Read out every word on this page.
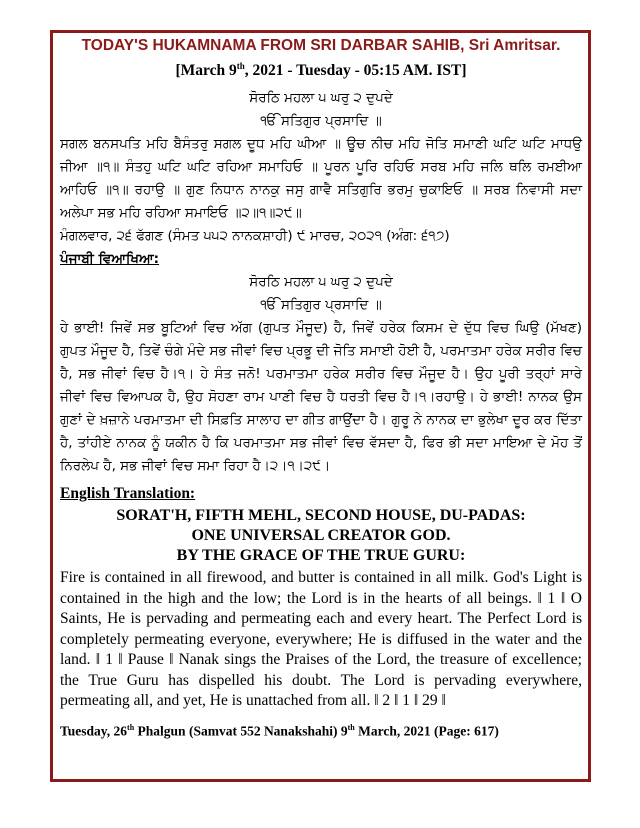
TODAY'S HUKAMNAMA FROM SRI DARBAR SAHIB, Sri Amritsar.

[March 9th, 2021 - Tuesday - 05:15 AM. IST]

ਸੋਰਠਿ ਮਹਲਾ ੫ ਘਰੁ ੨ ਦੁਪਦੇ

ੴ ਸਤਿਗੁਰ ਪ੍ਰਸਾਦਿ ॥

ਸਗਲ ਬਨਸਪਤਿ ਮਹਿ ਬੈਸੰਤਰੁ ਸਗਲ ਦੂਧ ਮਹਿ ਘੀਆ ॥ ਊਚ ਨੀਚ ਮਹਿ ਜੋਤਿ ਸਮਾਣੀ ਘਟਿ ਘਟਿ ਮਾਧਉ ਜੀਆ ॥੧॥ ਸੰਤਹੁ ਘਟਿ ਘਟਿ ਰਹਿਆ ਸਮਾਹਿਓ ॥ ਪੂਰਨ ਪੂਰਿ ਰਹਿਓ ਸਰਬ ਮਹਿ ਜਲਿ ਥਲਿ ਰਮਈਆ ਆਹਿਓ ॥੧॥ ਰਹਾਉ ॥ ਗੁਣ ਨਿਧਾਨ ਨਾਨਕੁ ਜਸੁ ਗਾਵੈ ਸਤਿਗੁਰਿ ਭਰਮੁ ਚੁਕਾਇਓ ॥ ਸਰਬ ਨਿਵਾਸੀ ਸਦਾ ਅਲੇਪਾ ਸਭ ਮਹਿ ਰਹਿਆ ਸਮਾਇਓ ॥੨॥੧॥੨੯॥

ਮੰਗਲਵਾਰ, ੨੬ ਫੱਗਣ (ਸੰਮਤ ੫੫੨ ਨਾਨਕਸ਼ਾਹੀ) ੯ ਮਾਰਚ, ੨੦੨੧ (ਅੰਗ: ੬੧੭)

ਪੰਜਾਬੀ ਵਿਆਖਿਆ:

ਸੋਰਠਿ ਮਹਲਾ ੫ ਘਰੁ ੨ ਦੁਪਦੇ

ੴ ਸਤਿਗੁਰ ਪ੍ਰਸਾਦਿ ॥

ਹੇ ਭਾਈ! ਜਿਵੇਂ ਸਭ ਬੂਟਿਆਂ ਵਿਚ ਅੱਗ (ਗੁਪਤ ਮੌਜੂਦ) ਹੈ, ਜਿਵੇਂ ਹਰੇਕ ਕਿਸਮ ਦੇ ਦੁੱਧ ਵਿਚ ਘਿਉ (ਮੱਖਣ) ਗੁਪਤ ਮੌਜੂਦ ਹੈ, ਤਿਵੇਂ ਚੰਗੇ ਮੰਦੇ ਸਭ ਜੀਵਾਂ ਵਿਚ ਪ੍ਰਭੂ ਦੀ ਜੋਤਿ ਸਮਾਈ ਹੋਈ ਹੈ, ਪਰਮਾਤਮਾ ਹਰੇਕ ਸਰੀਰ ਵਿਚ ਹੈ, ਸਭ ਜੀਵਾਂ ਵਿਚ ਹੈ।੧। ਹੇ ਸੰਤ ਜਨੋ! ਪਰਮਾਤਮਾ ਹਰੇਕ ਸਰੀਰ ਵਿਚ ਮੌਜੂਦ ਹੈ। ਉਹ ਪੂਰੀ ਤਰ੍ਹਾਂ ਸਾਰੇ ਜੀਵਾਂ ਵਿਚ ਵਿਆਪਕ ਹੈ, ਉਹ ਸੋਹਣਾ ਰਾਮ ਪਾਣੀ ਵਿਚ ਹੈ ਧਰਤੀ ਵਿਚ ਹੈ।੧।ਰਹਾਉ। ਹੇ ਭਾਈ! ਨਾਨਕ ਉਸ ਗੁਣਾਂ ਦੇ ਖ਼ਜ਼ਾਨੇ ਪਰਮਾਤਮਾ ਦੀ ਸਿਫ਼ਤਿ ਸਾਲਾਹ ਦਾ ਗੀਤ ਗਾਉਂਦਾ ਹੈ। ਗੁਰੂ ਨੇ ਨਾਨਕ ਦਾ ਭੁਲੇਖਾ ਦੂਰ ਕਰ ਦਿੱਤਾ ਹੈ, ਤਾਂਹੀਏ ਨਾਨਕ ਨੂੰ ਯਕੀਨ ਹੈ ਕਿ ਪਰਮਾਤਮਾ ਸਭ ਜੀਵਾਂ ਵਿਚ ਵੱਸਦਾ ਹੈ, ਫਿਰ ਭੀ ਸਦਾ ਮਾਇਆ ਦੇ ਮੋਹ ਤੋਂ ਨਿਰਲੇਪ ਹੈ, ਸਭ ਜੀਵਾਂ ਵਿਚ ਸਮਾ ਰਿਹਾ ਹੈ।੨।੧।੨੯।

English Translation:

SORAT'H, FIFTH MEHL, SECOND HOUSE, DU-PADAS:

ONE UNIVERSAL CREATOR GOD.

BY THE GRACE OF THE TRUE GURU:

Fire is contained in all firewood, and butter is contained in all milk. God's Light is contained in the high and the low; the Lord is in the hearts of all beings. ‖ 1 ‖ O Saints, He is pervading and permeating each and every heart. The Perfect Lord is completely permeating everyone, everywhere; He is diffused in the water and the land. ‖ 1 ‖ Pause ‖ Nanak sings the Praises of the Lord, the treasure of excellence; the True Guru has dispelled his doubt. The Lord is pervading everywhere, permeating all, and yet, He is unattached from all. ‖ 2 ‖ 1 ‖ 29 ‖

Tuesday, 26th Phalgun (Samvat 552 Nanakshahi) 9th March, 2021 (Page: 617)
